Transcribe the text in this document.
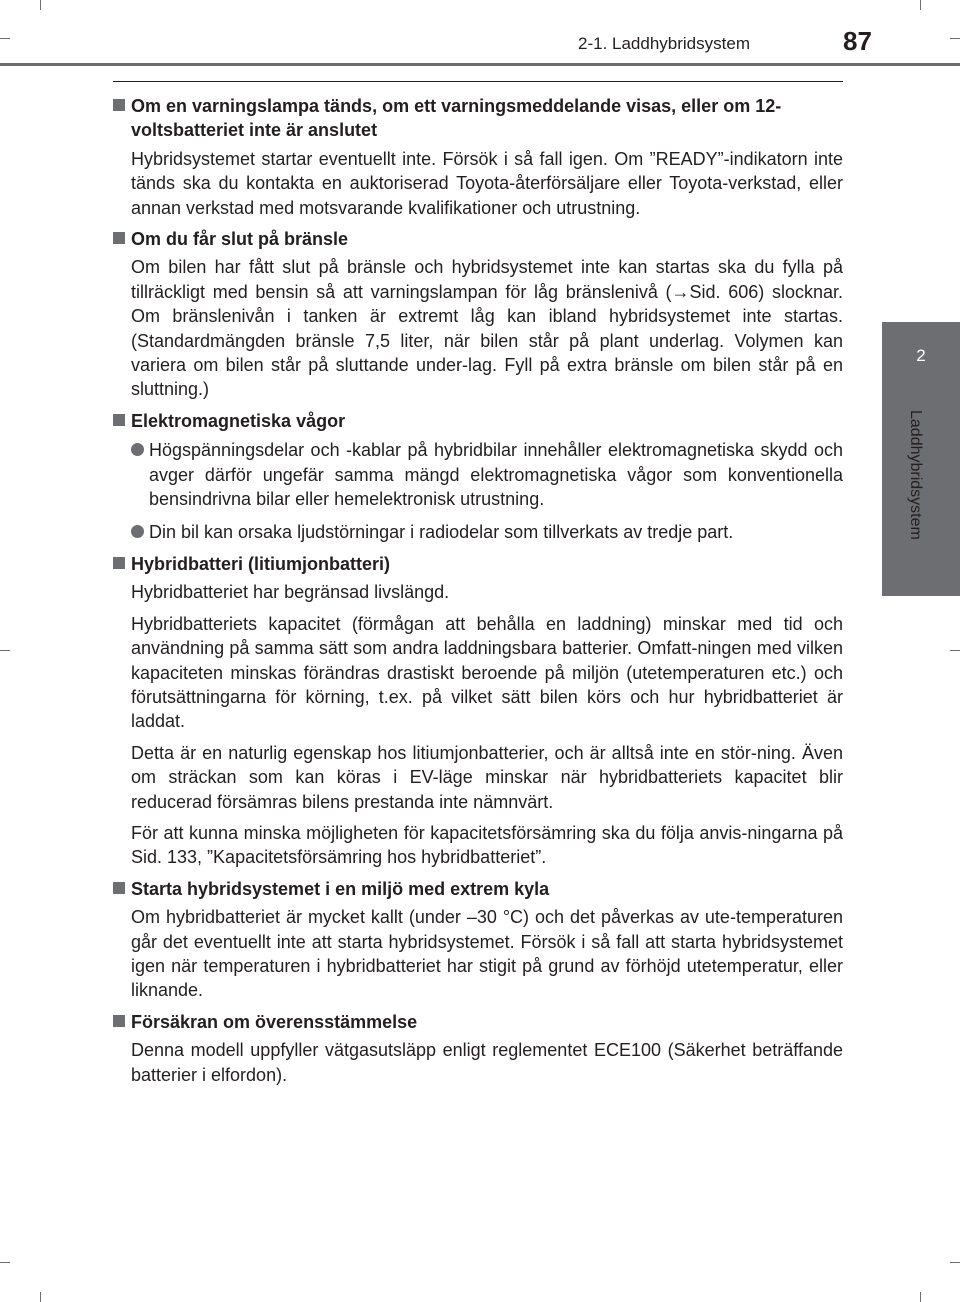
2-1. Laddhybridsystem	87
2
Laddhybridsystem

Om en varningslampa tänds, om ett varningsmeddelande visas, eller om 12-voltsbatteriet inte är anslutet

Hybridsystemet startar eventuellt inte. Försök i så fall igen. Om ”READY”-indikatorn inte tänds ska du kontakta en auktoriserad Toyota-återförsäljare eller Toyota-verkstad, eller annan verkstad med motsvarande kvalifikationer och utrustning.

Om du får slut på bränsle

Om bilen har fått slut på bränsle och hybridsystemet inte kan startas ska du fylla på tillräckligt med bensin så att varningslampan för låg bränslenivå (→Sid. 606) slocknar. Om bränslenivån i tanken är extremt låg kan ibland hybridsystemet inte startas. (Standardmängden bränsle 7,5 liter, när bilen står på plant underlag. Volymen kan variera om bilen står på sluttande under-lag. Fyll på extra bränsle om bilen står på en sluttning.)

Elektromagnetiska vågor

Högspänningsdelar och -kablar på hybridbilar innehåller elektromagnetiska skydd och avger därför ungefär samma mängd elektromagnetiska vågor som konventionella bensindrivna bilar eller hemelektronisk utrustning.
Din bil kan orsaka ljudstörningar i radiodelar som tillverkats av tredje part.

Hybridbatteri (litiumjonbatteri)

Hybridbatteriet har begränsad livslängd.

Hybridbatteriets kapacitet (förmågan att behålla en laddning) minskar med tid och användning på samma sätt som andra laddningsbara batterier. Omfatt-ningen med vilken kapaciteten minskas förändras drastiskt beroende på miljön (utetemperaturen etc.) och förutsättningarna för körning, t.ex. på vilket sätt bilen körs och hur hybridbatteriet är laddat.

Detta är en naturlig egenskap hos litiumjonbatterier, och är alltså inte en stör-ning. Även om sträckan som kan köras i EV-läge minskar när hybridbatteriets kapacitet blir reducerad försämras bilens prestanda inte nämnvärt.

För att kunna minska möjligheten för kapacitetsförsämring ska du följa anvis-ningarna på Sid. 133, ”Kapacitetsförsämring hos hybridbatteriet”.

Starta hybridsystemet i en miljö med extrem kyla

Om hybridbatteriet är mycket kallt (under –30 °C) och det påverkas av ute-temperaturen går det eventuellt inte att starta hybridsystemet. Försök i så fall att starta hybridsystemet igen när temperaturen i hybridbatteriet har stigit på grund av förhöjd utetemperatur, eller liknande.

Försäkran om överensstämmelse

Denna modell uppfyller vätgasutsläpp enligt reglementet ECE100 (Säkerhet beträffande batterier i elfordon).
